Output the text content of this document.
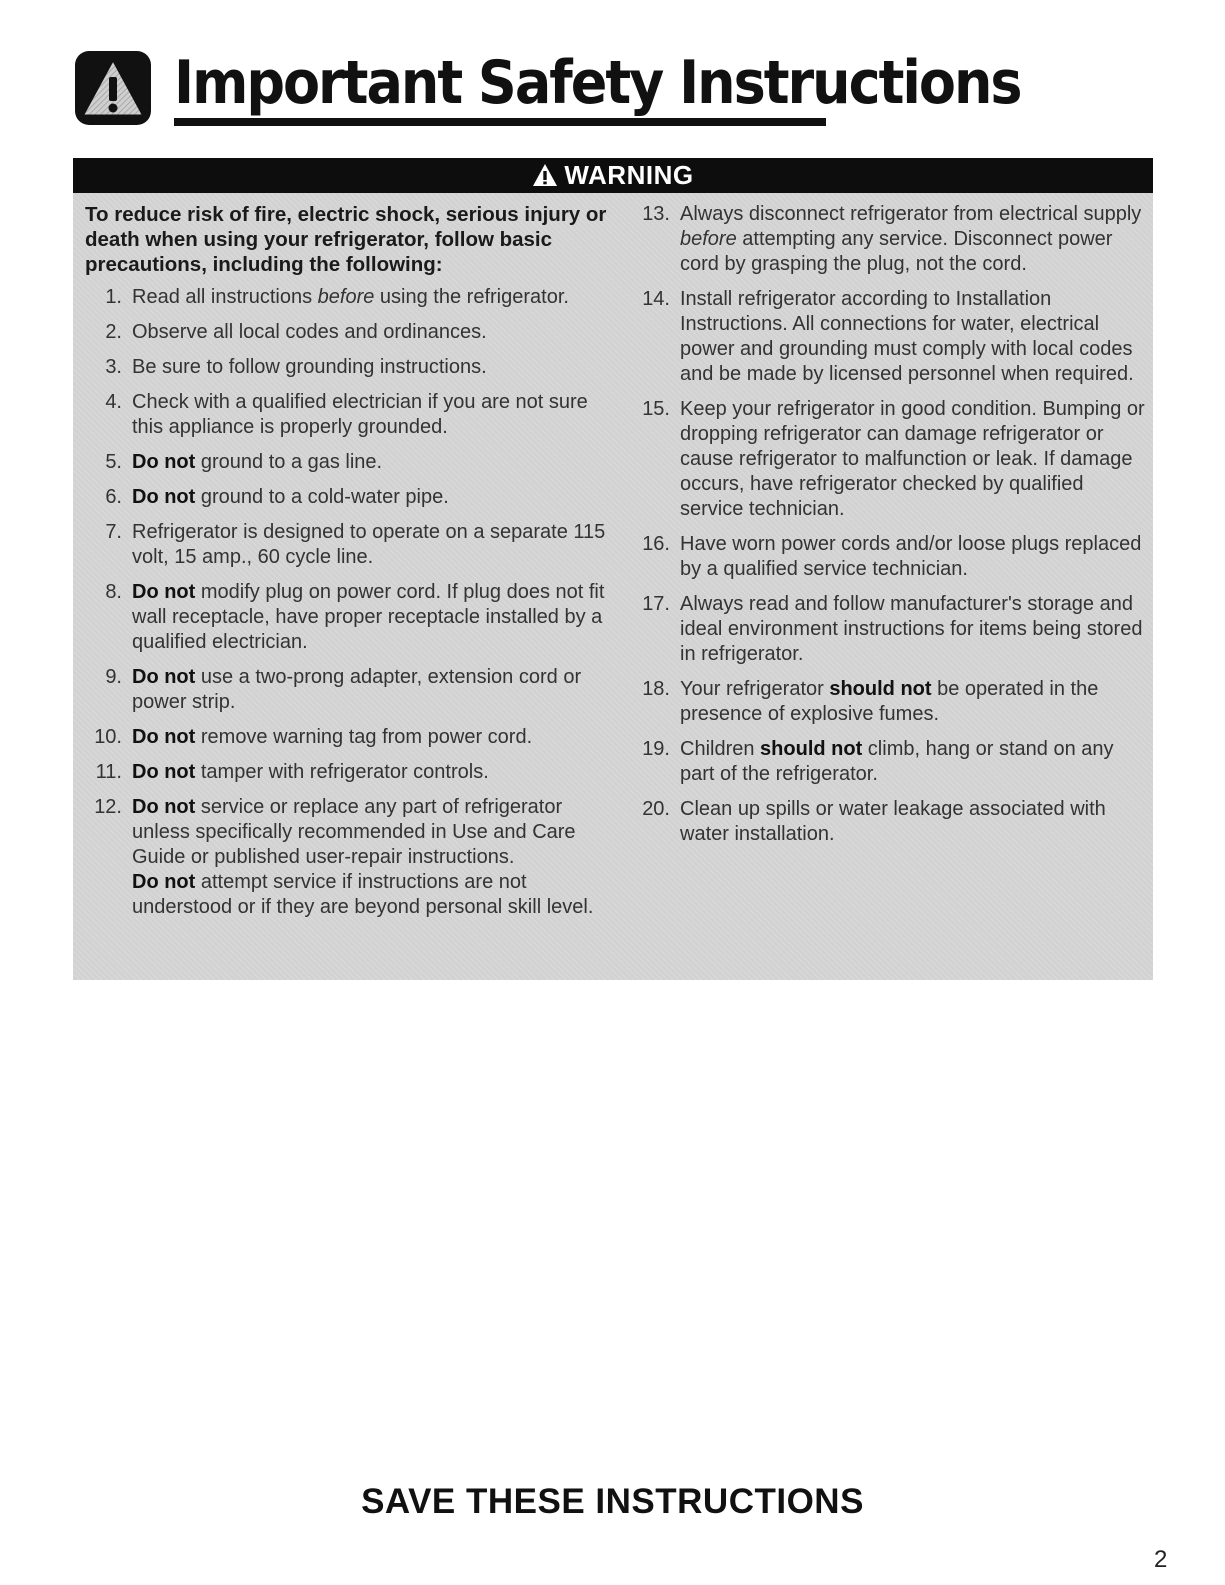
Important Safety Instructions
WARNING

To reduce risk of fire, electric shock, serious injury or death when using your refrigerator, follow basic precautions, including the following:

1. Read all instructions before using the refrigerator.
2. Observe all local codes and ordinances.
3. Be sure to follow grounding instructions.
4. Check with a qualified electrician if you are not sure this appliance is properly grounded.
5. Do not ground to a gas line.
6. Do not ground to a cold-water pipe.
7. Refrigerator is designed to operate on a separate 115 volt, 15 amp., 60 cycle line.
8. Do not modify plug on power cord. If plug does not fit wall receptacle, have proper receptacle installed by a qualified electrician.
9. Do not use a two-prong adapter, extension cord or power strip.
10. Do not remove warning tag from power cord.
11. Do not tamper with refrigerator controls.
12. Do not service or replace any part of refrigerator unless specifically recommended in Use and Care Guide or published user-repair instructions.
Do not attempt service if instructions are not understood or if they are beyond personal skill level.
13. Always disconnect refrigerator from electrical supply before attempting any service. Disconnect power cord by grasping the plug, not the cord.
14. Install refrigerator according to Installation Instructions. All connections for water, electrical power and grounding must comply with local codes and be made by licensed personnel when required.
15. Keep your refrigerator in good condition. Bumping or dropping refrigerator can damage refrigerator or cause refrigerator to malfunction or leak. If damage occurs, have refrigerator checked by qualified service technician.
16. Have worn power cords and/or loose plugs replaced by a qualified service technician.
17. Always read and follow manufacturer's storage and ideal environment instructions for items being stored in refrigerator.
18. Your refrigerator should not be operated in the presence of explosive fumes.
19. Children should not climb, hang or stand on any part of the refrigerator.
20. Clean up spills or water leakage associated with water installation.
SAVE THESE INSTRUCTIONS
2
